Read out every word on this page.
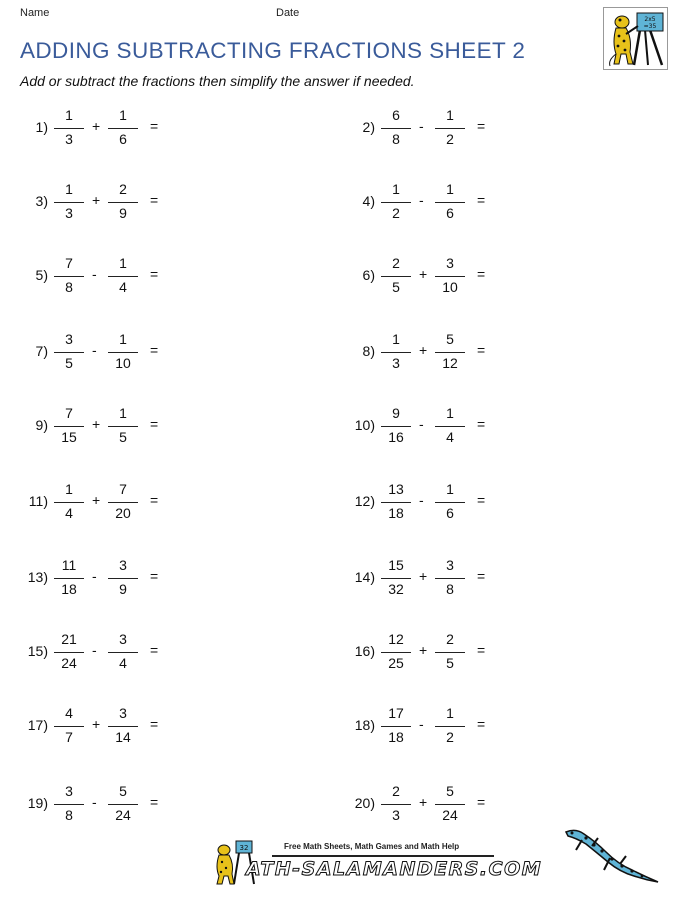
Name	Date
ADDING SUBTRACTING FRACTIONS SHEET 2
Add or subtract the fractions then simplify the answer if needed.
2x5
=35
1)
1
3
+
1
6
=	2)
6
8
-
1
2
=
3)
1
3
+
2
9
=	4)
1
2
-
1
6
=
5)
7
8
-
1
4
=	6)
2
5
+
3
10
=
7)
3
5
-
1
10
=	8)
1
3
+
5
12
=
9)
7
15
+
1
5
=	10)
9
16
-
1
4
=
11)
1
4
+
7
20
=	12)
13
18
-
1
6
=
13)
11
18
-
3
9
=	14)
15
32
+
3
8
=
15)
21
24
-
3
4
=	16)
12
25
+
2
5
=
17)
4
7
+
3
14
=	18)
17
18
-
1
2
=
19)
3
8
-
5
24
=	20)
2
3
+
5
24
=
32	Free Math Sheets, Math Games and Math Help
ATH-SALAMANDERS.COM
